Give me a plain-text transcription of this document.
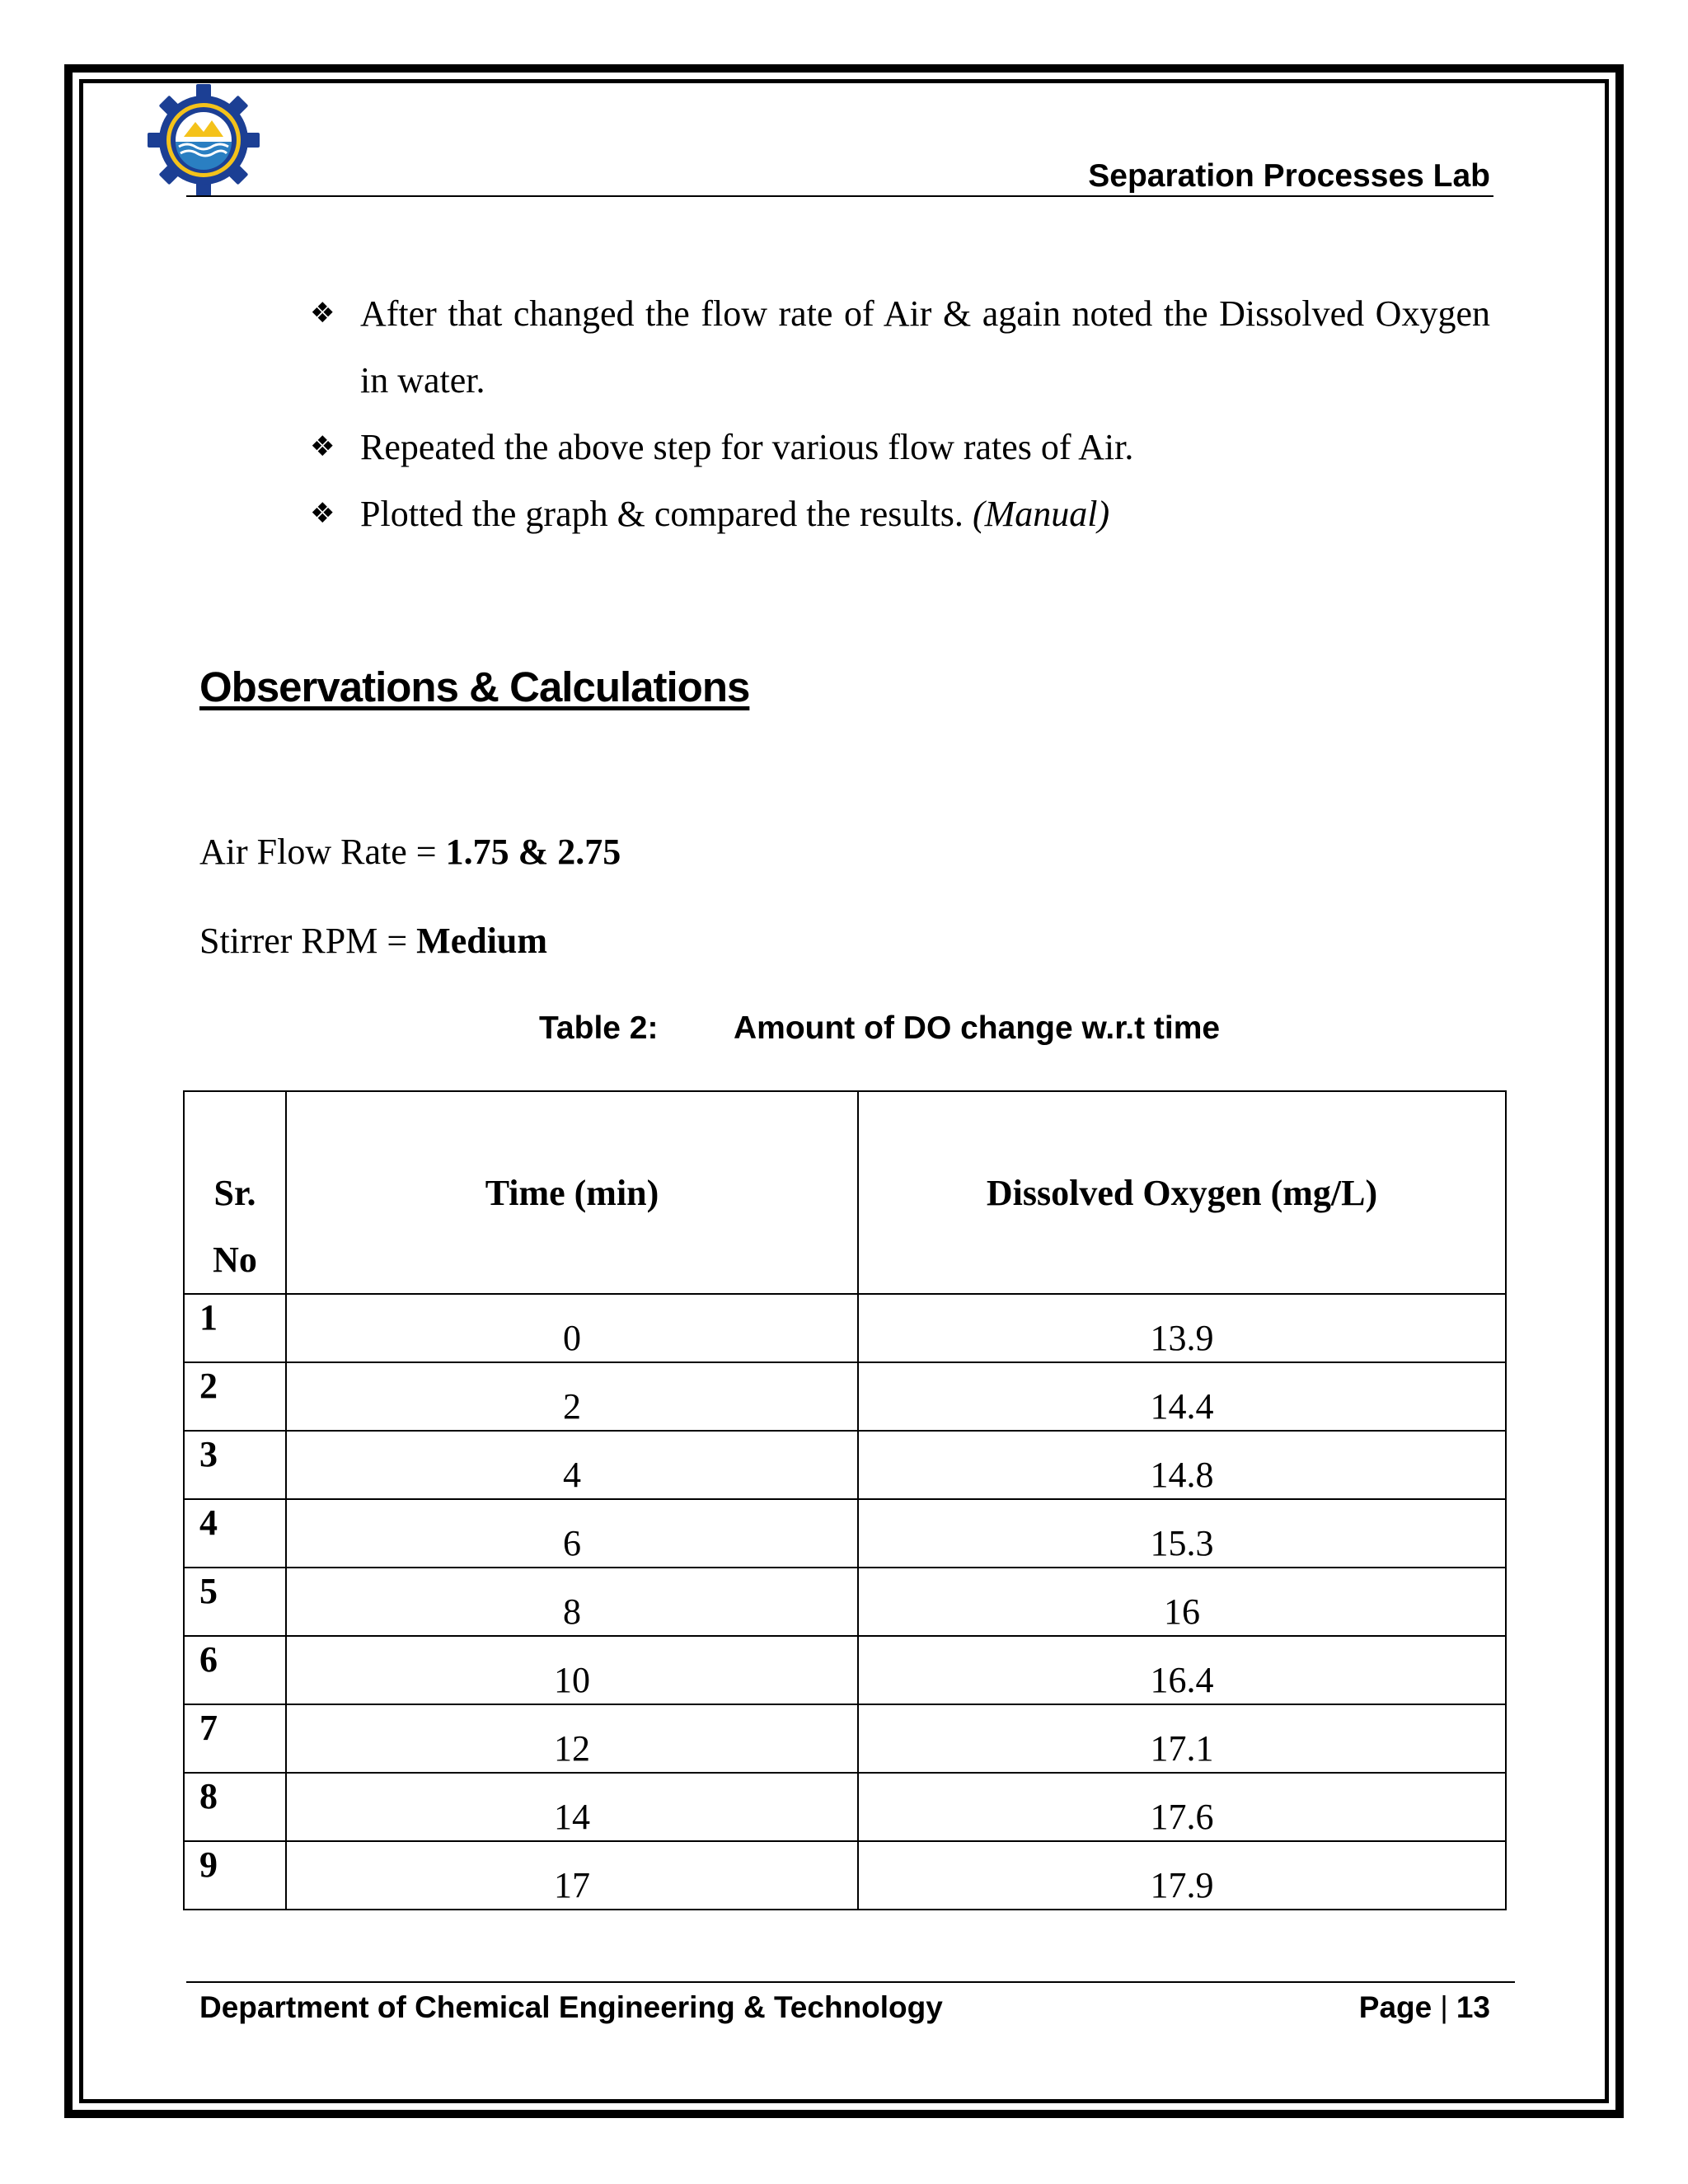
Separation Processes Lab
❖ After that changed the flow rate of Air & again noted the Dissolved Oxygen in water.
❖ Repeated the above step for various flow rates of Air.
❖ Plotted the graph & compared the results. (Manual)
Observations & Calculations
Air Flow Rate = 1.75 & 2.75
Stirrer RPM = Medium
Table 2: Amount of DO change w.r.t time
Sr.
No	Time (min)	Dissolved Oxygen (mg/L)
1	0	13.9
2	2	14.4
3	4	14.8
4	6	15.3
5	8	16
6	10	16.4
7	12	17.1
8	14	17.6
9	17	17.9
Department of Chemical Engineering & Technology	Page | 13
